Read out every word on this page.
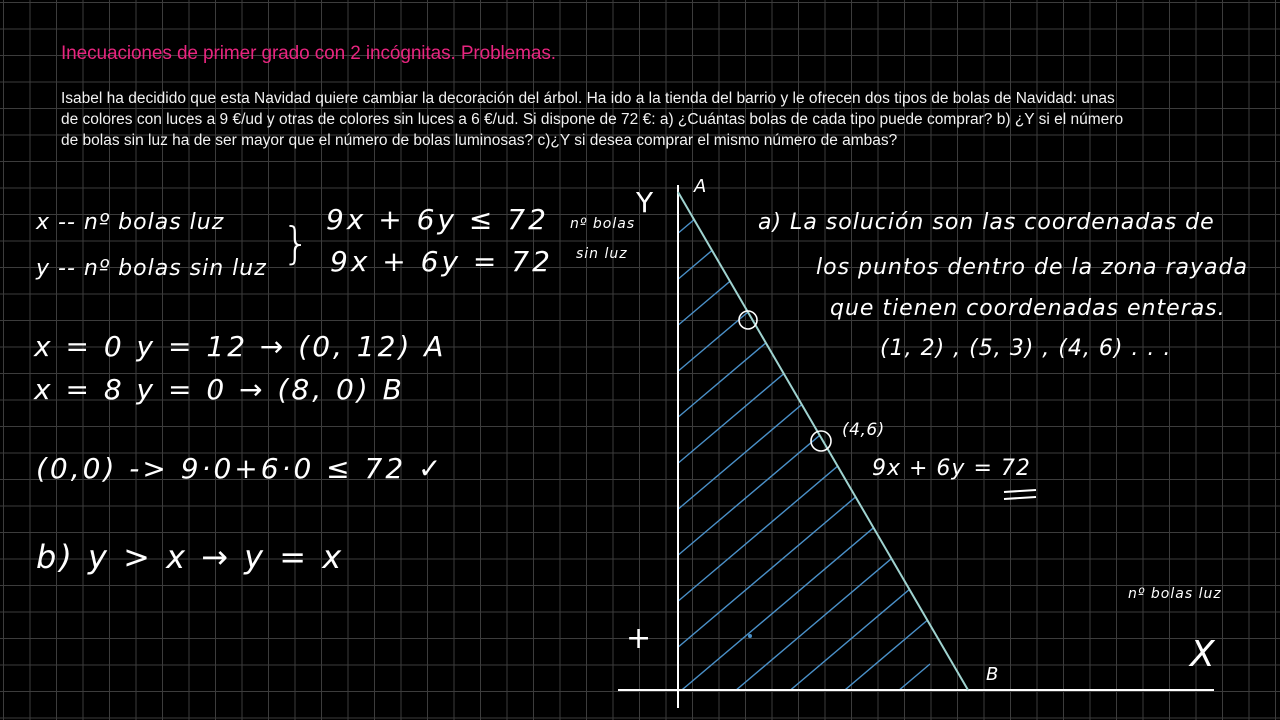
Inecuaciones de primer grado con 2 incógnitas. Problemas.
Isabel ha decidido que esta Navidad quiere cambiar la decoración del árbol. Ha ido a la tienda del barrio y le ofrecen dos tipos de bolas de Navidad: unas
de colores con luces a 9 €/ud y otras de colores sin luces a 6 €/ud. Si dispone de 72 €: a) ¿Cuántas bolas de cada tipo puede comprar? b) ¿Y si el número
de bolas sin luz ha de ser mayor que el número de bolas luminosas? c)¿Y si desea comprar el mismo número de ambas?
x -- nº bolas luz
y -- nº bolas sin luz } 9x + 6y ≤ 72
9x + 6y = 72
nº bolas
sin luz
x = 0 y = 12 → (0, 12) A
x = 8 y = 0 → (8, 0) B
(0,0) -> 9·0+6·0 ≤ 72 ✓
b) y > x → y = x
a) La solución son las coordenadas de
los puntos dentro de la zona rayada
que tienen coordenadas enteras.
(1, 2) , (5, 3) , (4, 6) . . .
(4,6)
9x + 6y = 72
nº bolas luz
Y
X
A
B
+
